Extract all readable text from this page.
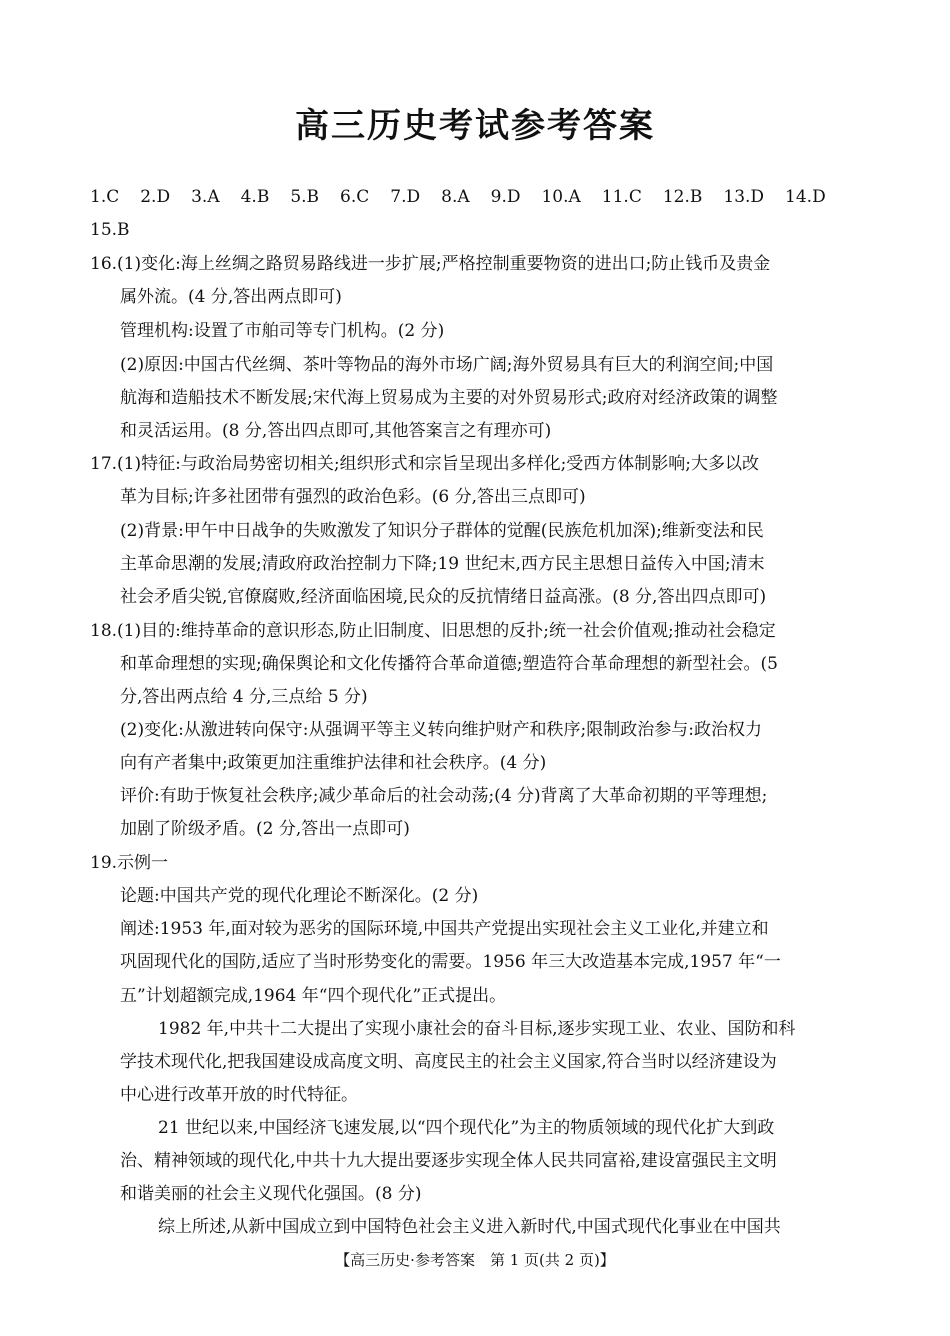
高三历史考试参考答案
1.C 2.D 3.A 4.B 5.B 6.C 7.D 8.A 9.D 10.A 11.C 12.B 13.D 14.D
15.B
16.(1)变化:海上丝绸之路贸易路线进一步扩展;严格控制重要物资的进出口;防止钱币及贵金
属外流。(4 分,答出两点即可)
管理机构:设置了市舶司等专门机构。(2 分)
(2)原因:中国古代丝绸、茶叶等物品的海外市场广阔;海外贸易具有巨大的利润空间;中国
航海和造船技术不断发展;宋代海上贸易成为主要的对外贸易形式;政府对经济政策的调整
和灵活运用。(8 分,答出四点即可,其他答案言之有理亦可)
17.(1)特征:与政治局势密切相关;组织形式和宗旨呈现出多样化;受西方体制影响;大多以改
革为目标;许多社团带有强烈的政治色彩。(6 分,答出三点即可)
(2)背景:甲午中日战争的失败激发了知识分子群体的觉醒(民族危机加深);维新变法和民
主革命思潮的发展;清政府政治控制力下降;19 世纪末,西方民主思想日益传入中国;清末
社会矛盾尖锐,官僚腐败,经济面临困境,民众的反抗情绪日益高涨。(8 分,答出四点即可)
18.(1)目的:维持革命的意识形态,防止旧制度、旧思想的反扑;统一社会价值观;推动社会稳定
和革命理想的实现;确保舆论和文化传播符合革命道德;塑造符合革命理想的新型社会。(5
分,答出两点给 4 分,三点给 5 分)
(2)变化:从激进转向保守:从强调平等主义转向维护财产和秩序;限制政治参与:政治权力
向有产者集中;政策更加注重维护法律和社会秩序。(4 分)
评价:有助于恢复社会秩序;减少革命后的社会动荡;(4 分)背离了大革命初期的平等理想;
加剧了阶级矛盾。(2 分,答出一点即可)
19.示例一
论题:中国共产党的现代化理论不断深化。(2 分)
阐述:1953 年,面对较为恶劣的国际环境,中国共产党提出实现社会主义工业化,并建立和
巩固现代化的国防,适应了当时形势变化的需要。1956 年三大改造基本完成,1957 年“一
五”计划超额完成,1964 年“四个现代化”正式提出。
1982 年,中共十二大提出了实现小康社会的奋斗目标,逐步实现工业、农业、国防和科
学技术现代化,把我国建设成高度文明、高度民主的社会主义国家,符合当时以经济建设为
中心进行改革开放的时代特征。
21 世纪以来,中国经济飞速发展,以“四个现代化”为主的物质领域的现代化扩大到政
治、精神领域的现代化,中共十九大提出要逐步实现全体人民共同富裕,建设富强民主文明
和谐美丽的社会主义现代化强国。(8 分)
综上所述,从新中国成立到中国特色社会主义进入新时代,中国式现代化事业在中国共
【高三历史·参考答案　第 1 页(共 2 页)】
